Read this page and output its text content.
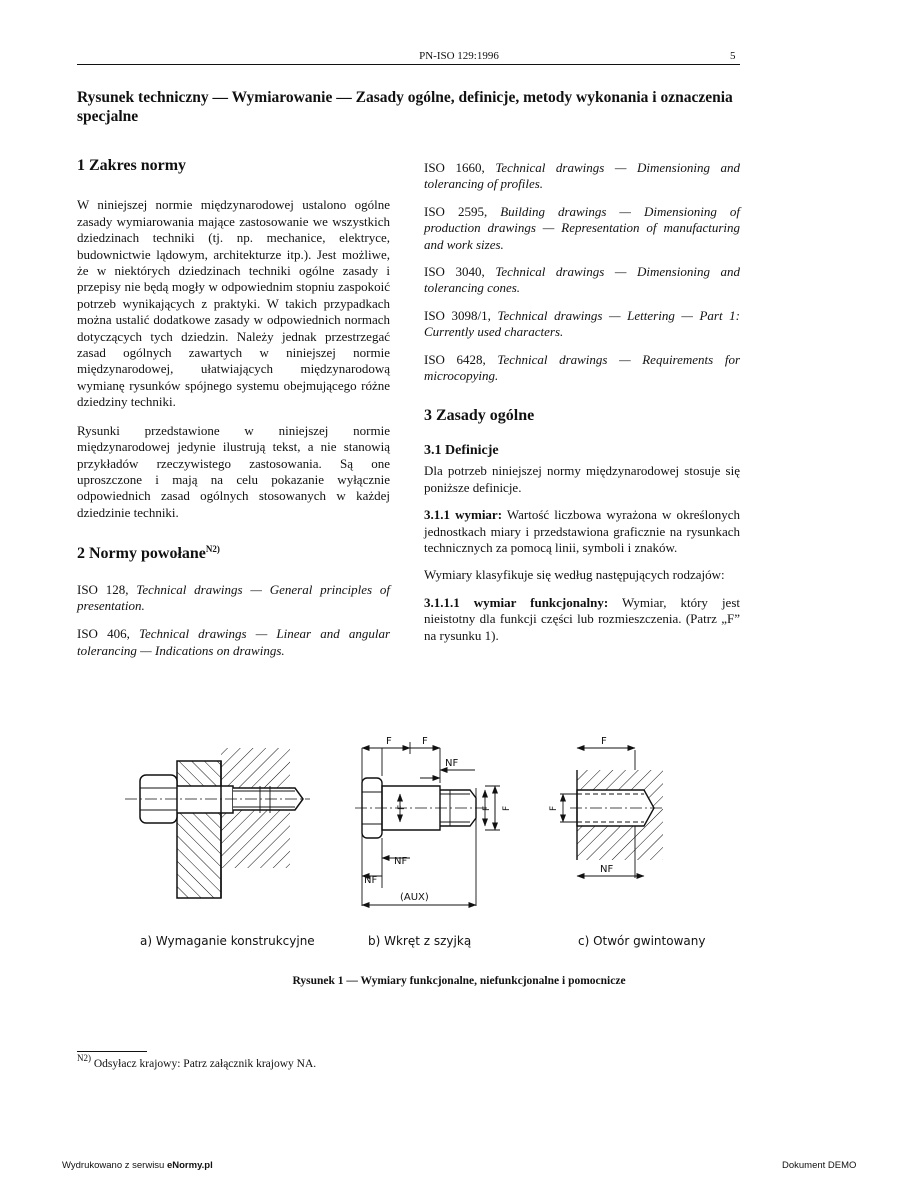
PN-ISO 129:1996	5
Rysunek techniczny — Wymiarowanie — Zasady ogólne, definicje, metody wykonania i oznaczenia specjalne
1 Zakres normy

W niniejszej normie międzynarodowej ustalono ogólne zasady wymiarowania mające zastosowanie we wszystkich dziedzinach techniki (tj. np. mechanice, elektryce, budownictwie lądowym, architekturze itp.). Jest możliwe, że w niektórych dziedzinach techniki ogólne zasady i przepisy nie będą mogły w odpowiednim stopniu zaspokoić potrzeb wynikających z praktyki. W takich przypadkach można ustalić dodatkowe zasady w odpowiednich normach dotyczących tych dziedzin. Należy jednak przestrzegać zasad ogólnych zawartych w niniejszej normie międzynarodowej, ułatwiających międzynarodową wymianę rysunków spójnego systemu obejmującego różne dziedziny techniki.

Rysunki przedstawione w niniejszej normie międzynarodowej jedynie ilustrują tekst, a nie stanowią przykładów rzeczywistego zastosowania. Są one uproszczone i mają na celu pokazanie wyłącznie odpowiednich zasad ogólnych stosowanych w każdej dziedzinie techniki.

2 Normy powołane$^{N2)}$

ISO 128, Technical drawings — General principles of presentation.

ISO 406, Technical drawings — Linear and angular tolerancing — Indications on drawings.

ISO 1660, Technical drawings — Dimensioning and tolerancing of profiles.

ISO 2595, Building drawings — Dimensioning of production drawings — Representation of manufacturing and work sizes.

ISO 3040, Technical drawings — Dimensioning and tolerancing cones.

ISO 3098/1, Technical drawings — Lettering — Part 1: Currently used characters.

ISO 6428, Technical drawings — Requirements for microcopying.

3 Zasady ogólne
3.1 Definicje

Dla potrzeb niniejszej normy międzynarodowej stosuje się poniższe definicje.

3.1.1 wymiar: Wartość liczbowa wyrażona w określonych jednostkach miary i przedstawiona graficznie na rysunkach technicznych za pomocą linii, symboli i znaków.

Wymiary klasyfikuje się według następujących rodzajów:

3.1.1.1 wymiar funkcjonalny: Wymiar, który jest nieistotny dla funkcji części lub rozmieszczenia. (Patrz „F” na rysunku 1).

F	F
NF
NF
NF
(AUX)
F	F F
F
NF
F
a) Wymaganie konstrukcyjne	b) Wkręt z szyjką	c) Otwór gwintowany
Rysunek 1 — Wymiary funkcjonalne, niefunkcjonalne i pomocnicze
$^{N2)}$ Odsyłacz krajowy: Patrz załącznik krajowy NA.
Wydrukowano z serwisu eNormy.pl	Dokument DEMO
